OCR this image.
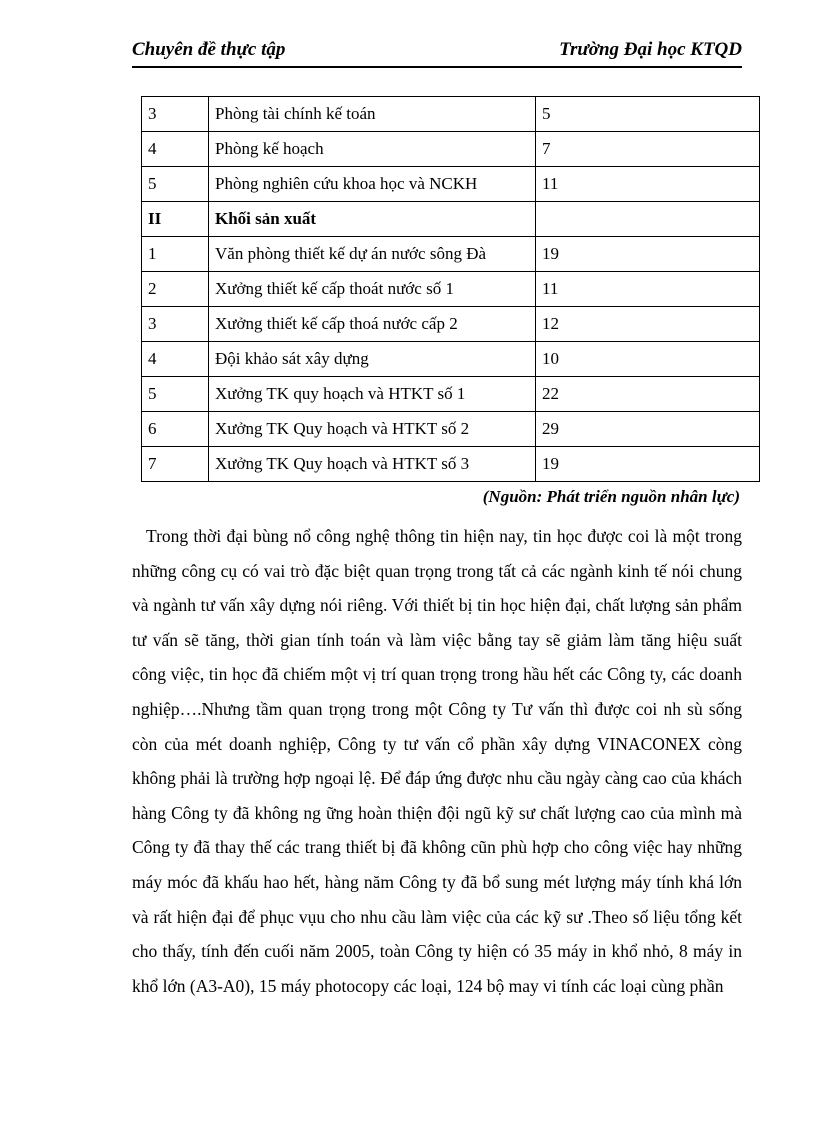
Chuyên đề thực tập	Trường Đại học KTQD
3	Phòng tài chính kế toán	5
4	Phòng kế hoạch	7
5	Phòng nghiên cứu khoa học và NCKH	11
II	Khối sản xuất	
1	Văn phòng thiết kế dự án nước sông Đà	19
2	Xưởng thiết kế cấp thoát nước số 1	11
3	Xưởng thiết kế cấp thoá nước cấp 2	12
4	Đội khảo sát xây dựng	10
5	Xưởng TK quy hoạch và HTKT số 1	22
6	Xưởng TK Quy hoạch và HTKT số 2	29
7	Xưởng TK Quy hoạch và HTKT số 3	19
(Nguồn: Phát triển nguồn nhân lực)
Trong thời đại bùng nổ công nghệ thông tin hiện nay, tin học được coi là một trong những công cụ có vai trò đặc biệt quan trọng trong tất cả các ngành kinh tế nói chung và ngành tư vấn xây dựng nói riêng. Với thiết bị tin học hiện đại, chất lượng sản phẩm tư vấn sẽ tăng, thời gian tính toán và làm việc bằng tay sẽ giảm làm tăng hiệu suất công việc, tin học đã chiếm một vị trí quan trọng trong hầu hết các Công ty, các doanh nghiệp….Nhưng tầm quan trọng trong một Công ty Tư vấn thì được coi nh sù sống còn của mét doanh nghiệp, Công ty tư vấn cổ phần xây dựng VINACONEX còng không phải là trường hợp ngoại lệ. Để đáp ứng được nhu cầu ngày càng cao của khách hàng Công ty đã không ng ững hoàn thiện đội ngũ kỹ sư chất lượng cao của mình mà Công ty đã thay thế các trang thiết bị đã không cũn phù hợp cho công việc hay những máy móc đã khấu hao hết, hàng năm Công ty đã bổ sung mét lượng máy tính khá lớn và rất hiện đại để phục vụu cho nhu cầu làm việc của các kỹ sư .Theo số liệu tổng kết cho thấy, tính đến cuối năm 2005, toàn Công ty hiện có 35 máy in khổ nhỏ, 8 máy in khổ lớn (A3-A0), 15 máy photocopy các loại, 124 bộ may vi tính các loại cùng phần
